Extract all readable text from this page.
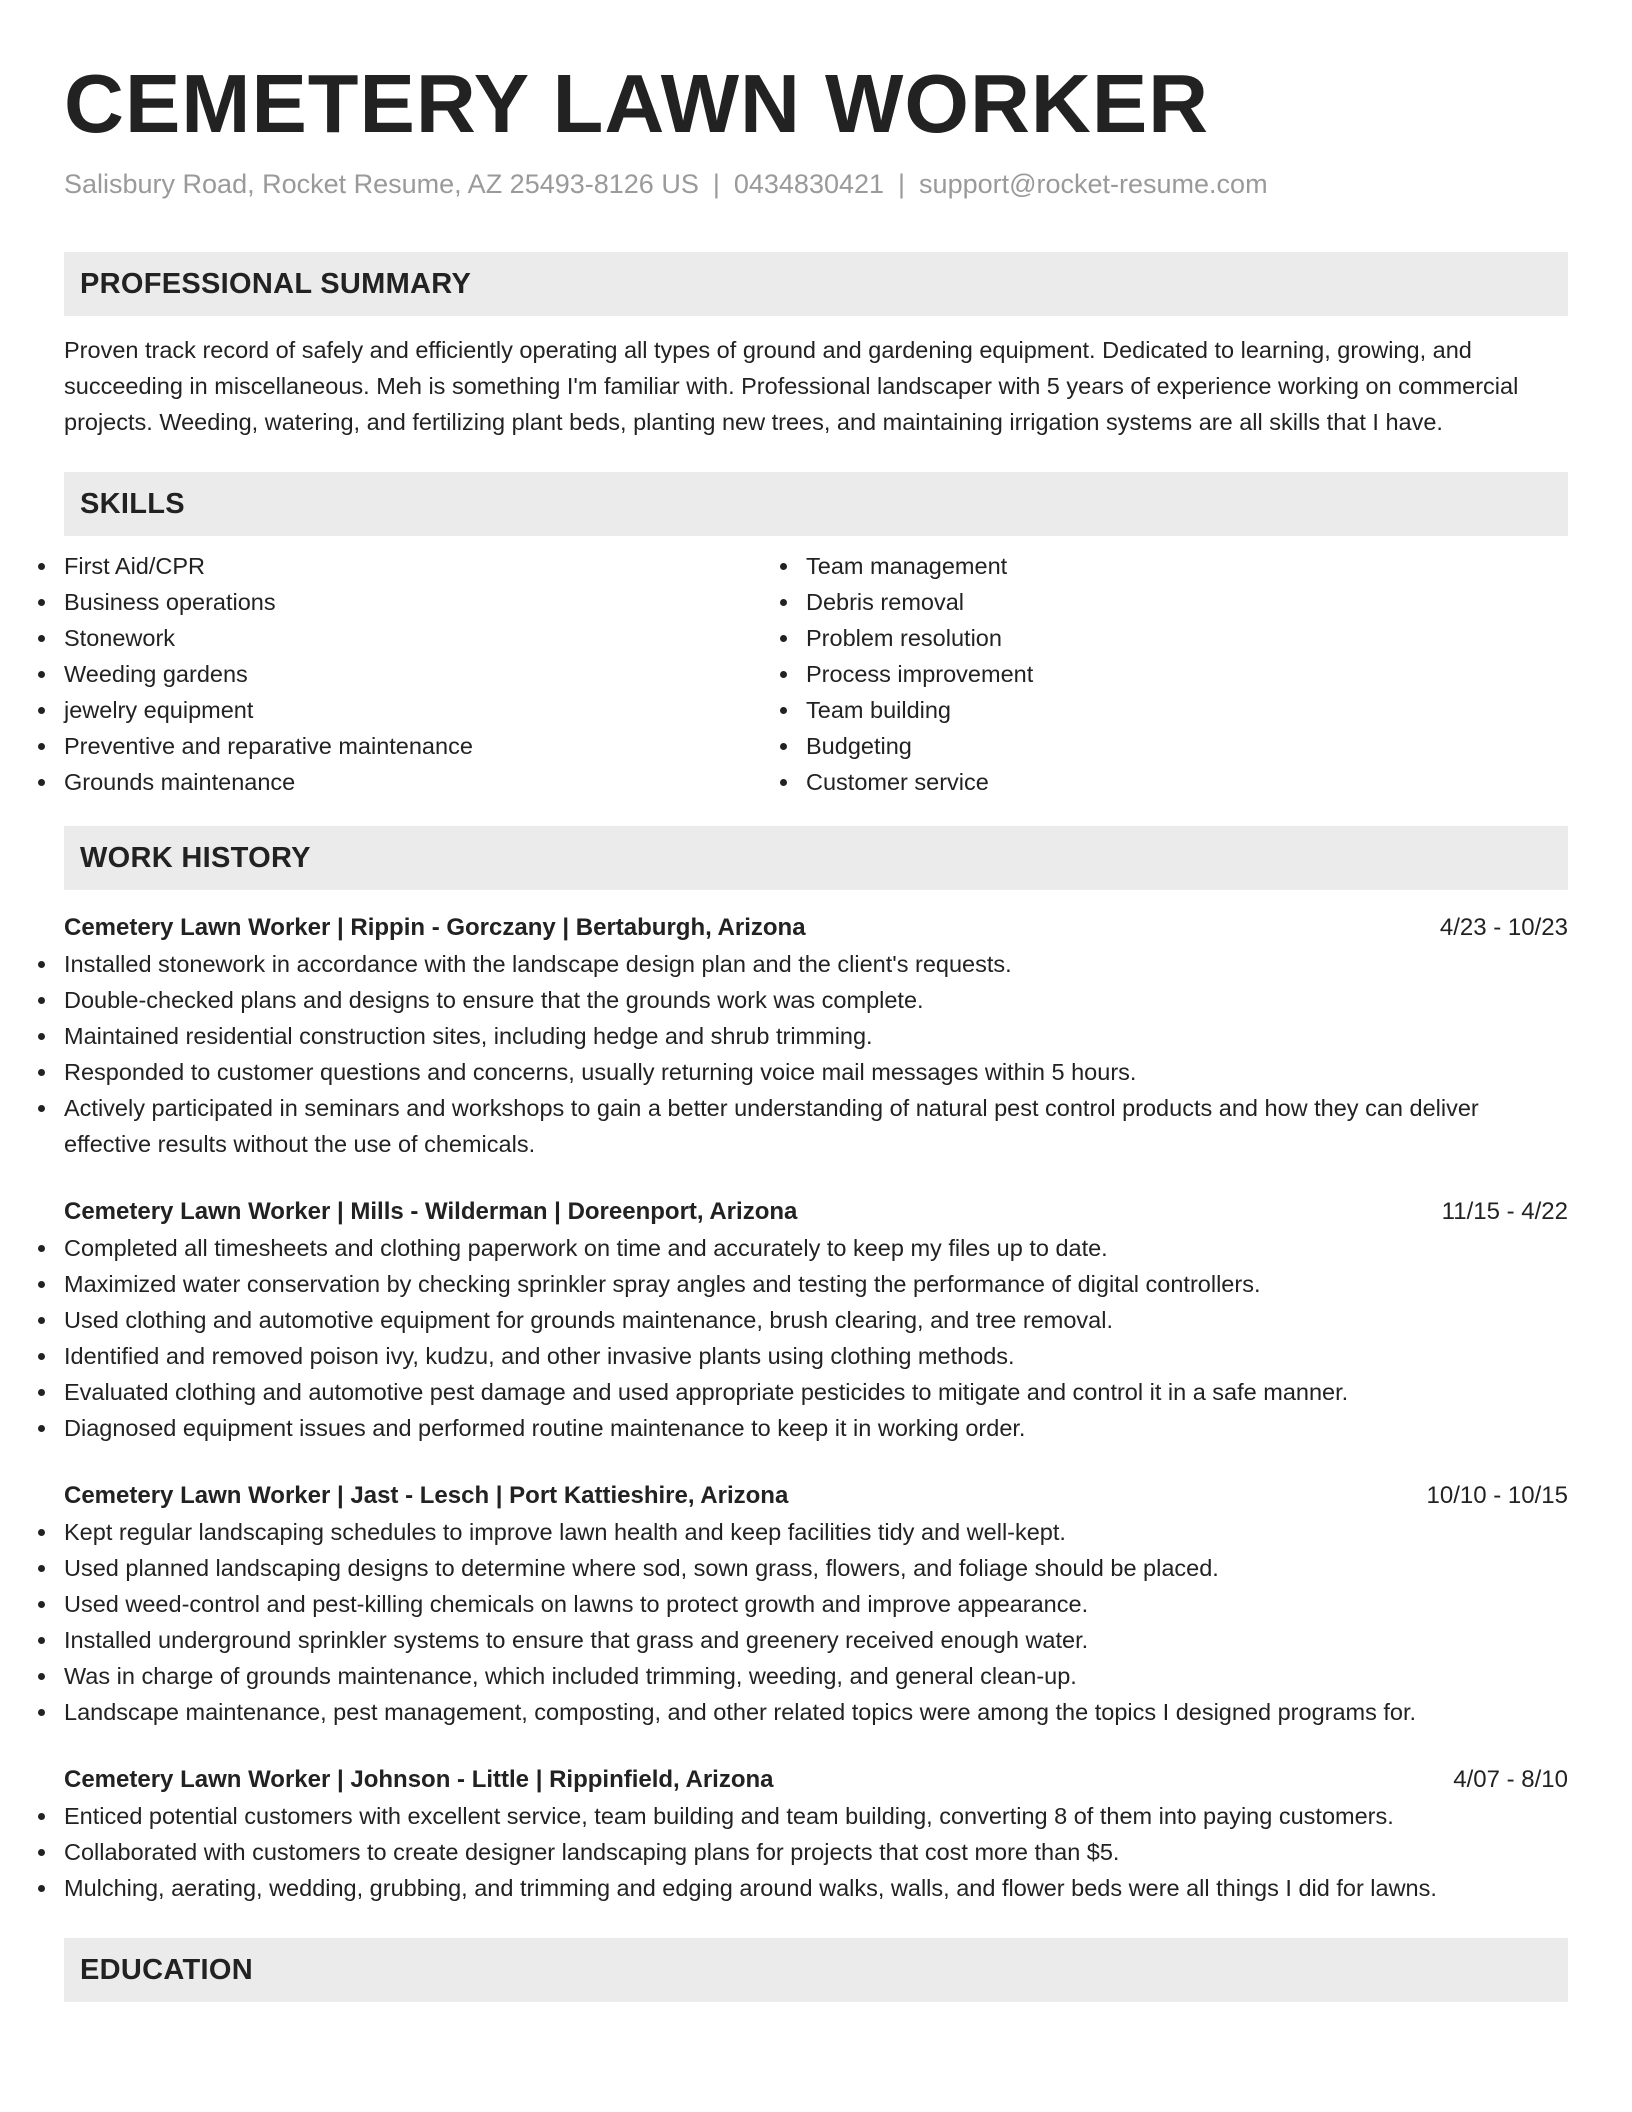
CEMETERY LAWN WORKER
Salisbury Road, Rocket Resume, AZ 25493-8126 US | 0434830421 | support@rocket-resume.com
PROFESSIONAL SUMMARY
Proven track record of safely and efficiently operating all types of ground and gardening equipment. Dedicated to learning, growing, and succeeding in miscellaneous. Meh is something I'm familiar with. Professional landscaper with 5 years of experience working on commercial projects. Weeding, watering, and fertilizing plant beds, planting new trees, and maintaining irrigation systems are all skills that I have.
SKILLS
First Aid/CPR
Business operations
Stonework
Weeding gardens
jewelry equipment
Preventive and reparative maintenance
Grounds maintenance
Team management
Debris removal
Problem resolution
Process improvement
Team building
Budgeting
Customer service
WORK HISTORY
Cemetery Lawn Worker | Rippin - Gorczany | Bertaburgh, Arizona	4/23 - 10/23
Installed stonework in accordance with the landscape design plan and the client's requests.
Double-checked plans and designs to ensure that the grounds work was complete.
Maintained residential construction sites, including hedge and shrub trimming.
Responded to customer questions and concerns, usually returning voice mail messages within 5 hours.
Actively participated in seminars and workshops to gain a better understanding of natural pest control products and how they can deliver effective results without the use of chemicals.
Cemetery Lawn Worker | Mills - Wilderman | Doreenport, Arizona	11/15 - 4/22
Completed all timesheets and clothing paperwork on time and accurately to keep my files up to date.
Maximized water conservation by checking sprinkler spray angles and testing the performance of digital controllers.
Used clothing and automotive equipment for grounds maintenance, brush clearing, and tree removal.
Identified and removed poison ivy, kudzu, and other invasive plants using clothing methods.
Evaluated clothing and automotive pest damage and used appropriate pesticides to mitigate and control it in a safe manner.
Diagnosed equipment issues and performed routine maintenance to keep it in working order.
Cemetery Lawn Worker | Jast - Lesch | Port Kattieshire, Arizona	10/10 - 10/15
Kept regular landscaping schedules to improve lawn health and keep facilities tidy and well-kept.
Used planned landscaping designs to determine where sod, sown grass, flowers, and foliage should be placed.
Used weed-control and pest-killing chemicals on lawns to protect growth and improve appearance.
Installed underground sprinkler systems to ensure that grass and greenery received enough water.
Was in charge of grounds maintenance, which included trimming, weeding, and general clean-up.
Landscape maintenance, pest management, composting, and other related topics were among the topics I designed programs for.
Cemetery Lawn Worker | Johnson - Little | Rippinfield, Arizona	4/07 - 8/10
Enticed potential customers with excellent service, team building and team building, converting 8 of them into paying customers.
Collaborated with customers to create designer landscaping plans for projects that cost more than $5.
Mulching, aerating, wedding, grubbing, and trimming and edging around walks, walls, and flower beds were all things I did for lawns.
EDUCATION
